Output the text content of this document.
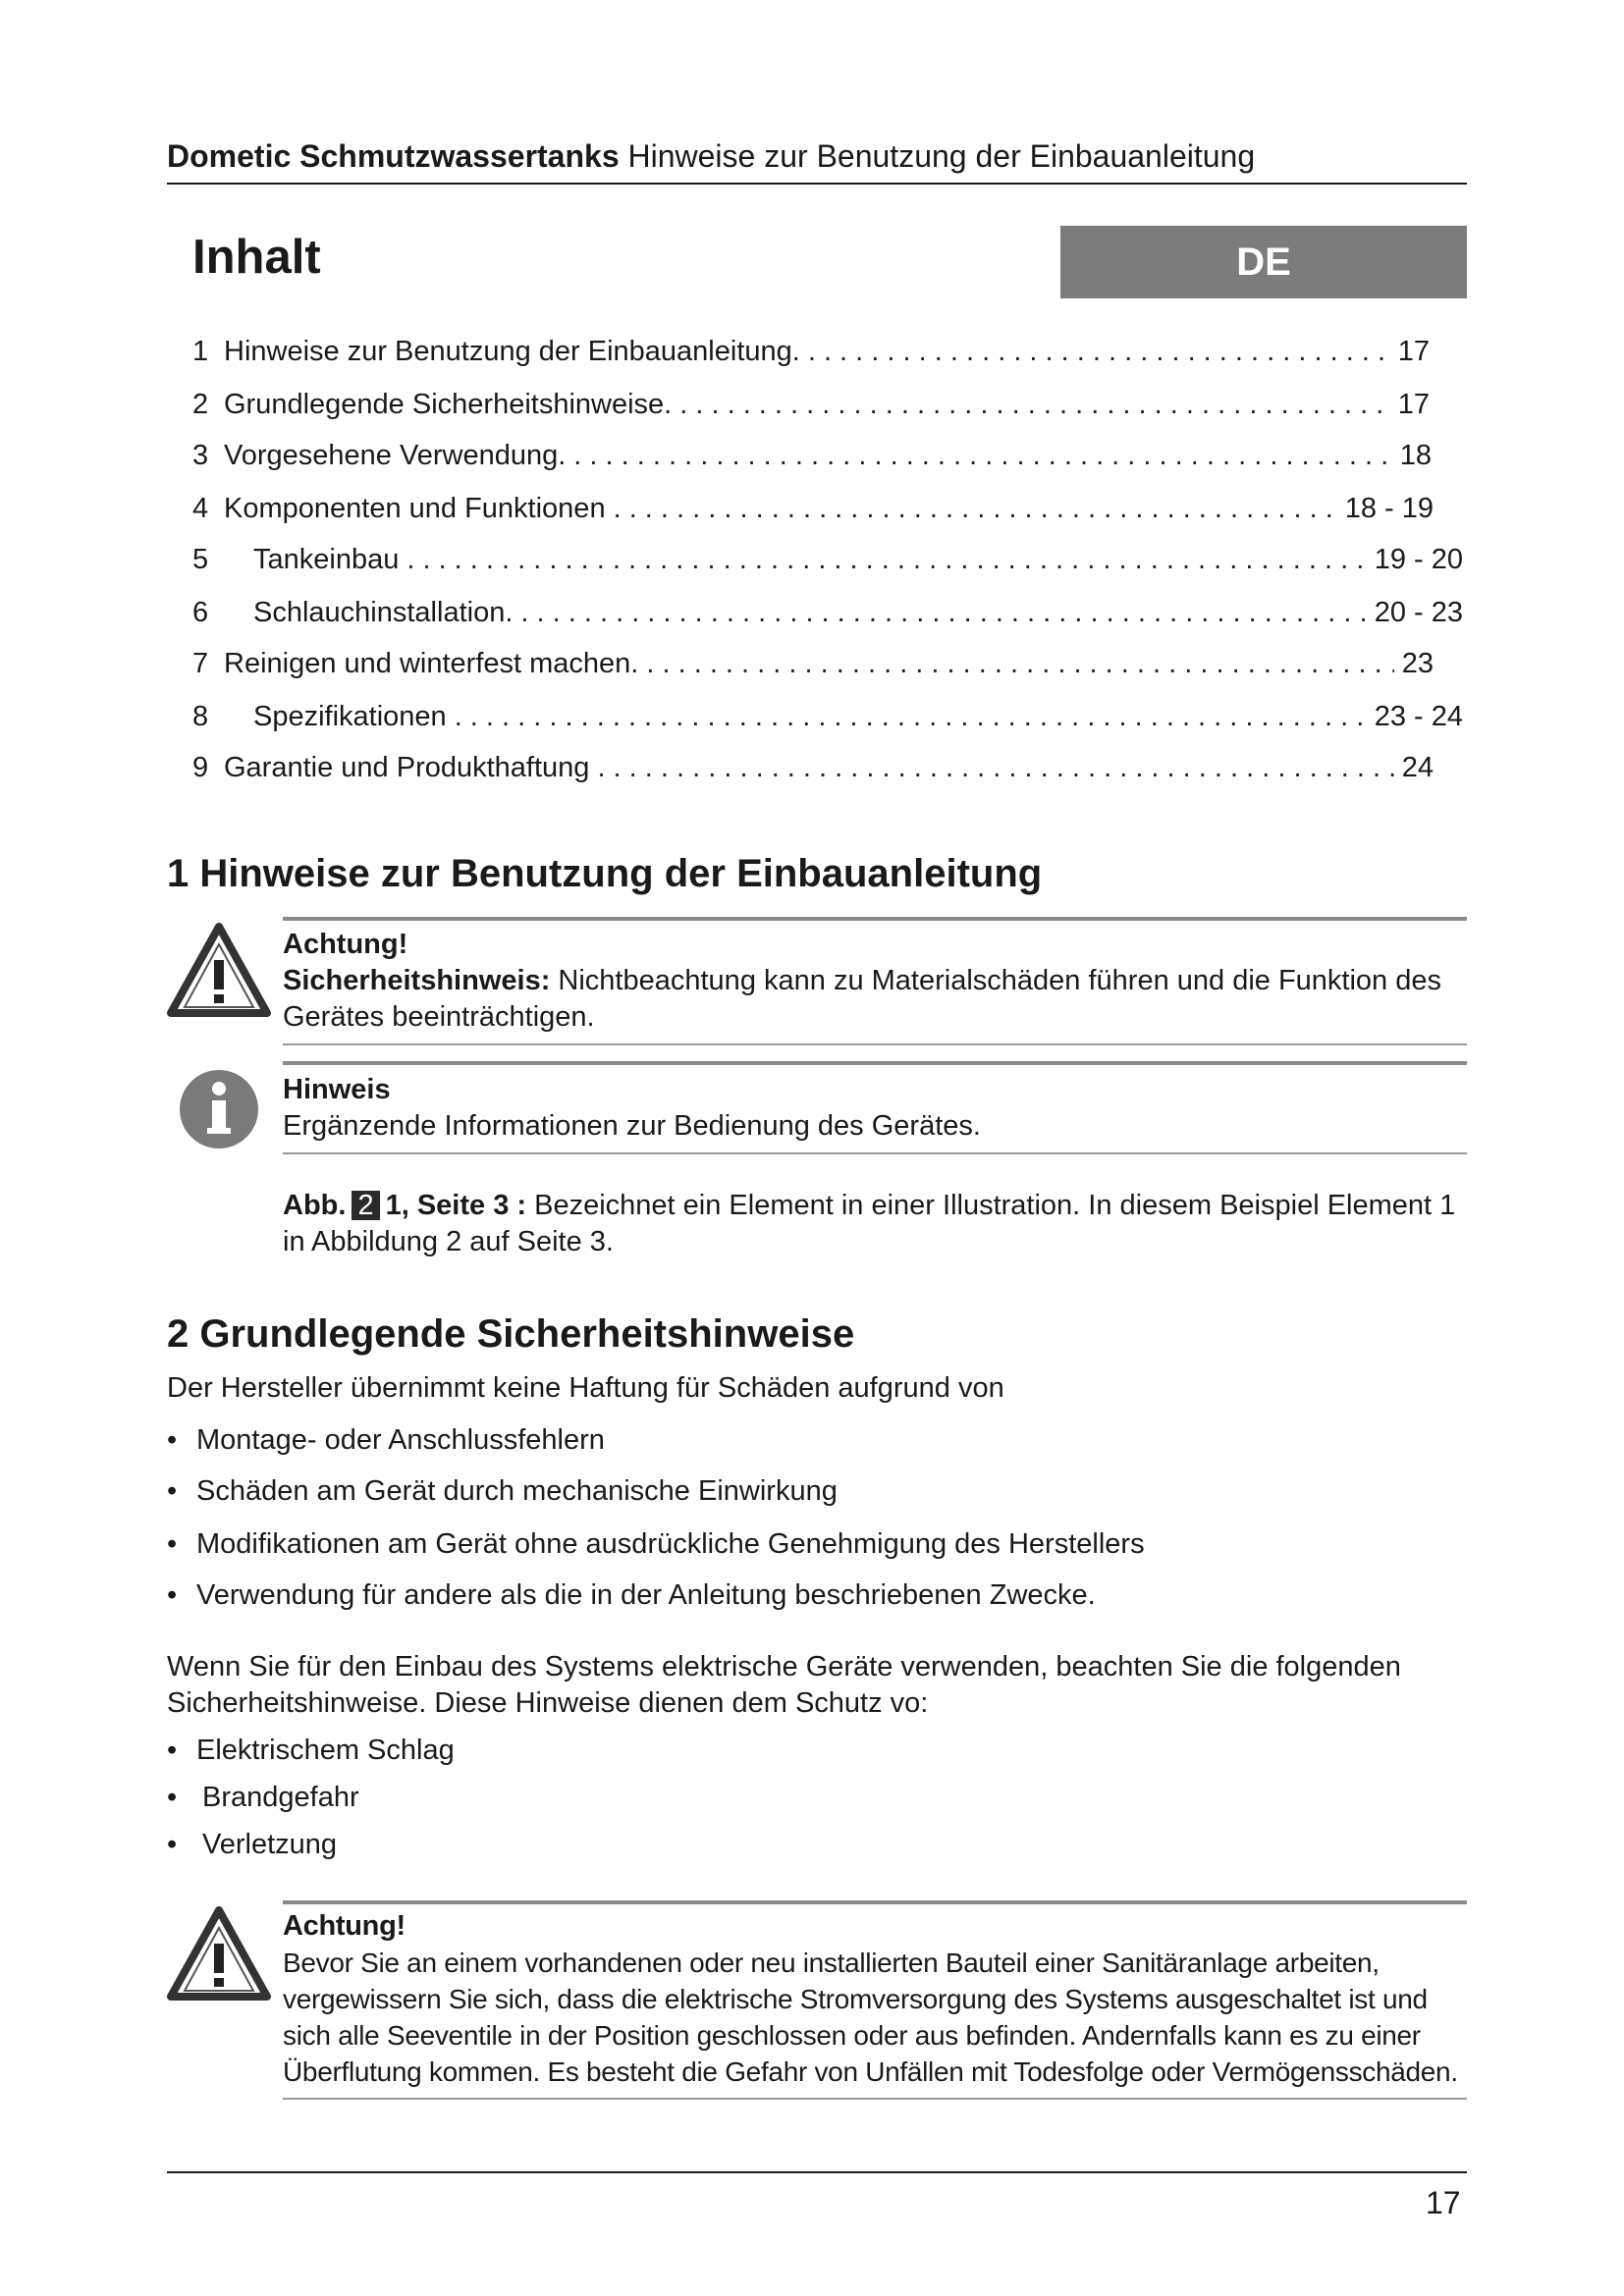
Dometic Schmutzwassertanks Hinweise zur Benutzung der Einbauanleitung
Inhalt	DE
1 Hinweise zur Benutzung der Einbauanleitung. . . .	17
2 Grundlegende Sicherheitshinweise. . . .	17
3 Vorgesehene Verwendung. . . .	18
4 Komponenten und Funktionen . . .	18 - 19
5	Tankeinbau . . .	19 - 20
6	Schlauchinstallation. . . .	20 - 23
7 Reinigen und winterfest machen. . . .	23
8	Spezifikationen . . .	23 - 24
9 Garantie und Produkthaftung . . .	24
1 Hinweise zur Benutzung der Einbauanleitung
Achtung!
Sicherheitshinweis: Nichtbeachtung kann zu Materialschäden führen und die Funktion des Gerätes beeinträchtigen.
Hinweis
Ergänzende Informationen zur Bedienung des Gerätes.
Abb. 2 1, Seite 3 : Bezeichnet ein Element in einer Illustration. In diesem Beispiel Element 1 in Abbildung 2 auf Seite 3.
2 Grundlegende Sicherheitshinweise
Der Hersteller übernimmt keine Haftung für Schäden aufgrund von
• Montage- oder Anschlussfehlern
• Schäden am Gerät durch mechanische Einwirkung
• Modifikationen am Gerät ohne ausdrückliche Genehmigung des Herstellers
• Verwendung für andere als die in der Anleitung beschriebenen Zwecke.
Wenn Sie für den Einbau des Systems elektrische Geräte verwenden, beachten Sie die folgenden Sicherheitshinweise. Diese Hinweise dienen dem Schutz vo:
• Elektrischem Schlag
• Brandgefahr
• Verletzung
Achtung!
Bevor Sie an einem vorhandenen oder neu installierten Bauteil einer Sanitäranlage arbeiten, vergewissern Sie sich, dass die elektrische Stromversorgung des Systems ausgeschaltet ist und sich alle Seeventile in der Position geschlossen oder aus befinden. Andernfalls kann es zu einer Überflutung kommen. Es besteht die Gefahr von Unfällen mit Todesfolge oder Vermögensschäden.
17
